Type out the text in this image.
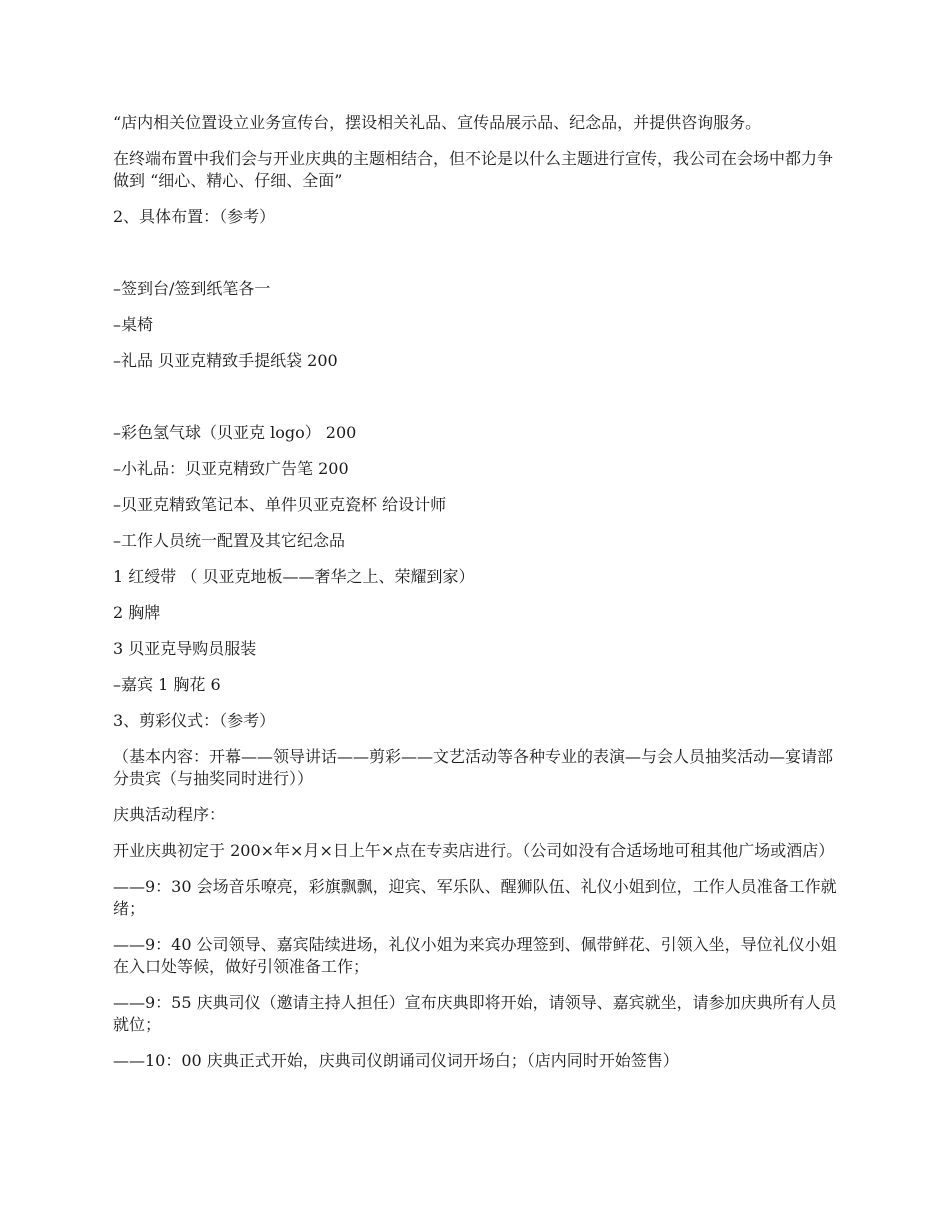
“店内相关位置设立业务宣传台，摆设相关礼品、宣传品展示品、纪念品，并提供咨询服务。

在终端布置中我们会与开业庆典的主题相结合，但不论是以什么主题进行宣传，我公司在会场中都力争做到 “细心、精心、仔细、全面”

2、具体布置：（参考）

–签到台/签到纸笔各一

–桌椅

–礼品 贝亚克精致手提纸袋 200

–彩色氢气球（贝亚克 logo） 200

–小礼品：贝亚克精致广告笔 200

–贝亚克精致笔记本、单件贝亚克瓷杯 给设计师

–工作人员统一配置及其它纪念品

1 红绶带 （ 贝亚克地板——奢华之上、荣耀到家）

2 胸牌

3 贝亚克导购员服装

–嘉宾 1 胸花 6

3、剪彩仪式：（参考）

（基本内容：开幕——领导讲话——剪彩——文艺活动等各种专业的表演—与会人员抽奖活动—宴请部分贵宾（与抽奖同时进行））

庆典活动程序：

开业庆典初定于 200×年×月×日上午×点在专卖店进行。（公司如没有合适场地可租其他广场或酒店）

——9：30 会场音乐嘹亮，彩旗飘飘，迎宾、军乐队、醒狮队伍、礼仪小姐到位，工作人员准备工作就绪；

——9：40 公司领导、嘉宾陆续进场，礼仪小姐为来宾办理签到、佩带鲜花、引领入坐，导位礼仪小姐在入口处等候，做好引领准备工作；

——9：55 庆典司仪（邀请主持人担任）宣布庆典即将开始，请领导、嘉宾就坐，请参加庆典所有人员就位；

——10：00 庆典正式开始，庆典司仪朗诵司仪词开场白；（店内同时开始签售）
